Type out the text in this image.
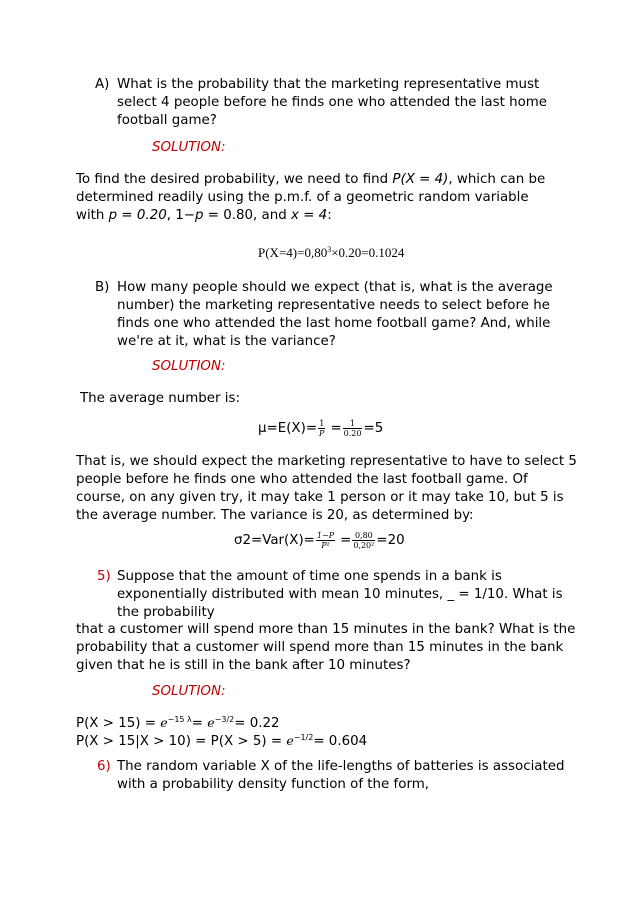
A) What is the probability that the marketing representative must
select 4 people before he finds one who attended the last home
football game?
SOLUTION:
To find the desired probability, we need to find P(X = 4), which can be
determined readily using the p.m.f. of a geometric random variable
with p = 0.20, 1−p = 0.80, and x = 4:
$P(X=4)=0,80^3\times 0.20=0.1024$
B) How many people should we expect (that is, what is the average
number) the marketing representative needs to select before he
finds one who attended the last home football game? And, while
we're at it, what is the variance?
SOLUTION:
The average number is:
$\mu=E(X)= \frac{1}{P} = \frac{1}{0.20} =5$
That is, we should expect the marketing representative to have to select 5
people before he finds one who attended the last football game. Of
course, on any given try, it may take 1 person or it may take 10, but 5 is
the average number. The variance is 20, as determined by:
$\sigma 2=Var(X)= \frac{1-P}{\text{P²}} = \frac{0,80}{\text{0,20²}} =20$
5) Suppose that the amount of time one spends in a bank is
exponentially distributed with mean 10 minutes, _ = 1/10. What is
the probability
that a customer will spend more than 15 minutes in the bank? What is the
probability that a customer will spend more than 15 minutes in the bank
given that he is still in the bank after 10 minutes?
SOLUTION:
$P(X > 15) = e^{-15 \lambda}= e^{-3/2}= 0.22$
$P(X > 15|X > 10) = P(X > 5) = e^{-1/2}= 0.604$
6) The random variable X of the life-lengths of batteries is associated
with a probability density function of the form,
